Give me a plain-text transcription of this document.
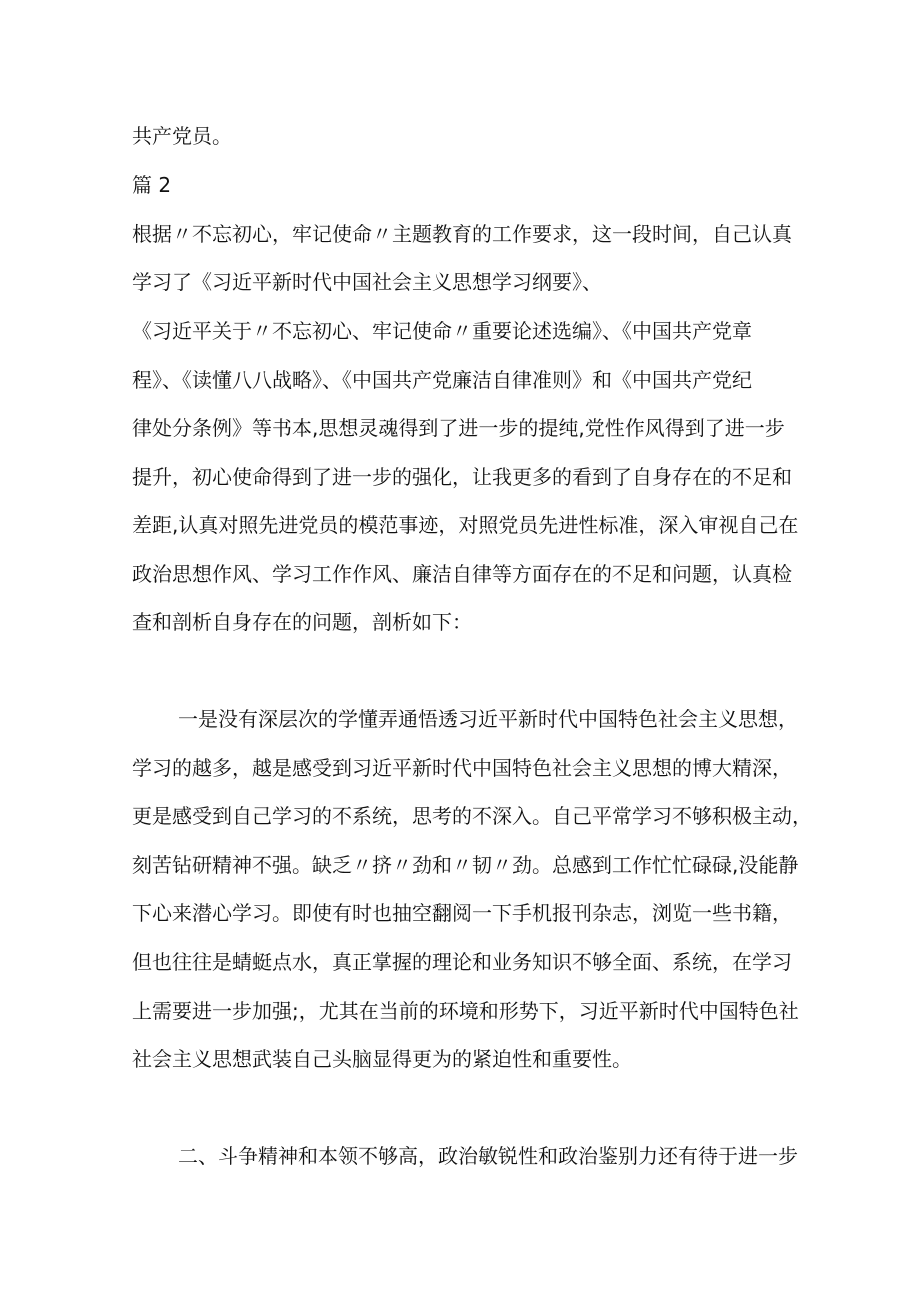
共产党员。
篇 2
根据〃不忘初心，牢记使命〃主题教育的工作要求，这一段时间，自己认真
学习了《习近平新时代中国社会主义思想学习纲要》、
《习近平关于〃不忘初心、牢记使命〃重要论述选编》、《中国共产党章
程》、《读懂八八战略》、《中国共产党廉洁自律准则》和《中国共产党纪
律处分条例》等书本,思想灵魂得到了进一步的提纯,党性作风得到了进一步
提升，初心使命得到了进一步的强化，让我更多的看到了自身存在的不足和
差距,认真对照先进党员的模范事迹，对照党员先进性标准，深入审视自己在
政治思想作风、学习工作作风、廉洁自律等方面存在的不足和问题，认真检
查和剖析自身存在的问题，剖析如下：
一是没有深层次的学懂弄通悟透习近平新时代中国特色社会主义思想，
学习的越多，越是感受到习近平新时代中国特色社会主义思想的博大精深，
更是感受到自己学习的不系统，思考的不深入。自己平常学习不够积极主动，
刻苦钻研精神不强。缺乏〃挤〃劲和〃韧〃劲。总感到工作忙忙碌碌,没能静
下心来潜心学习。即使有时也抽空翻阅一下手机报刊杂志，浏览一些书籍，
但也往往是蜻蜓点水，真正掌握的理论和业务知识不够全面、系统，在学习
上需要进一步加强;，尤其在当前的环境和形势下，习近平新时代中国特色社
社会主义思想武装自己头脑显得更为的紧迫性和重要性。
二、斗争精神和本领不够高，政治敏锐性和政治鉴别力还有待于进一步
